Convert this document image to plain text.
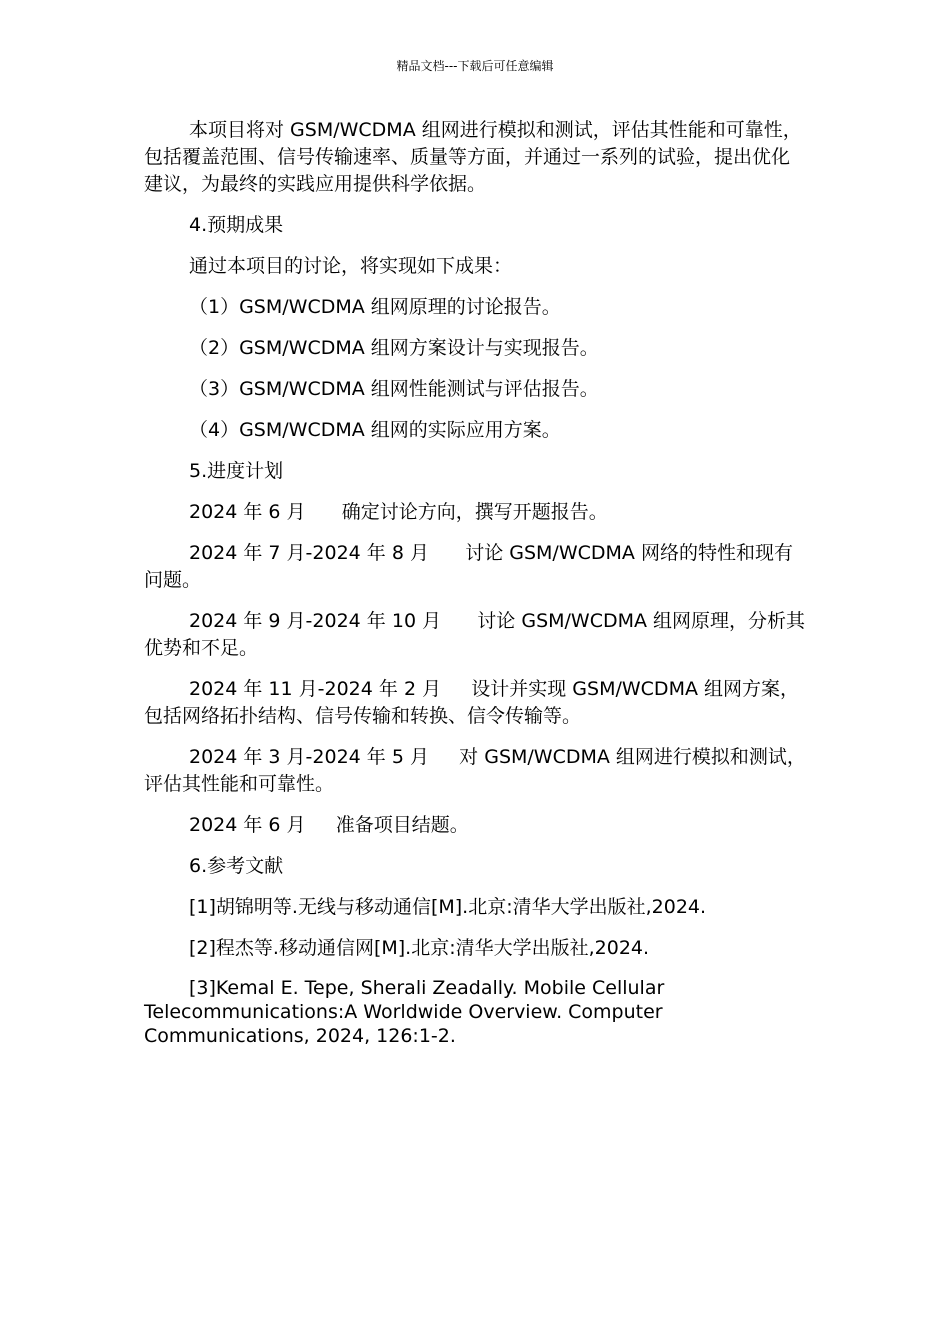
精品文档---下载后可任意编辑

本项目将对 GSM/WCDMA 组网进行模拟和测试，评估其性能和可靠性，包括覆盖范围、信号传输速率、质量等方面，并通过一系列的试验，提出优化建议，为最终的实践应用提供科学依据。

4.预期成果

通过本项目的讨论，将实现如下成果：

（1）GSM/WCDMA 组网原理的讨论报告。

（2）GSM/WCDMA 组网方案设计与实现报告。

（3）GSM/WCDMA 组网性能测试与评估报告。

（4）GSM/WCDMA 组网的实际应用方案。

5.进度计划

2024 年 6 月      确定讨论方向，撰写开题报告。

2024 年 7 月-2024 年 8 月      讨论 GSM/WCDMA 网络的特性和现有问题。

2024 年 9 月-2024 年 10 月      讨论 GSM/WCDMA 组网原理，分析其优势和不足。

2024 年 11 月-2024 年 2 月     设计并实现 GSM/WCDMA 组网方案，包括网络拓扑结构、信号传输和转换、信令传输等。

2024 年 3 月-2024 年 5 月     对 GSM/WCDMA 组网进行模拟和测试，评估其性能和可靠性。

2024 年 6 月     准备项目结题。

6.参考文献

[1]胡锦明等.无线与移动通信[M].北京:清华大学出版社,2024.

[2]程杰等.移动通信网[M].北京:清华大学出版社,2024.

[3]Kemal E. Tepe, Sherali Zeadally. Mobile Cellular Telecommunications:A Worldwide Overview. Computer Communications, 2024, 126:1-2.
